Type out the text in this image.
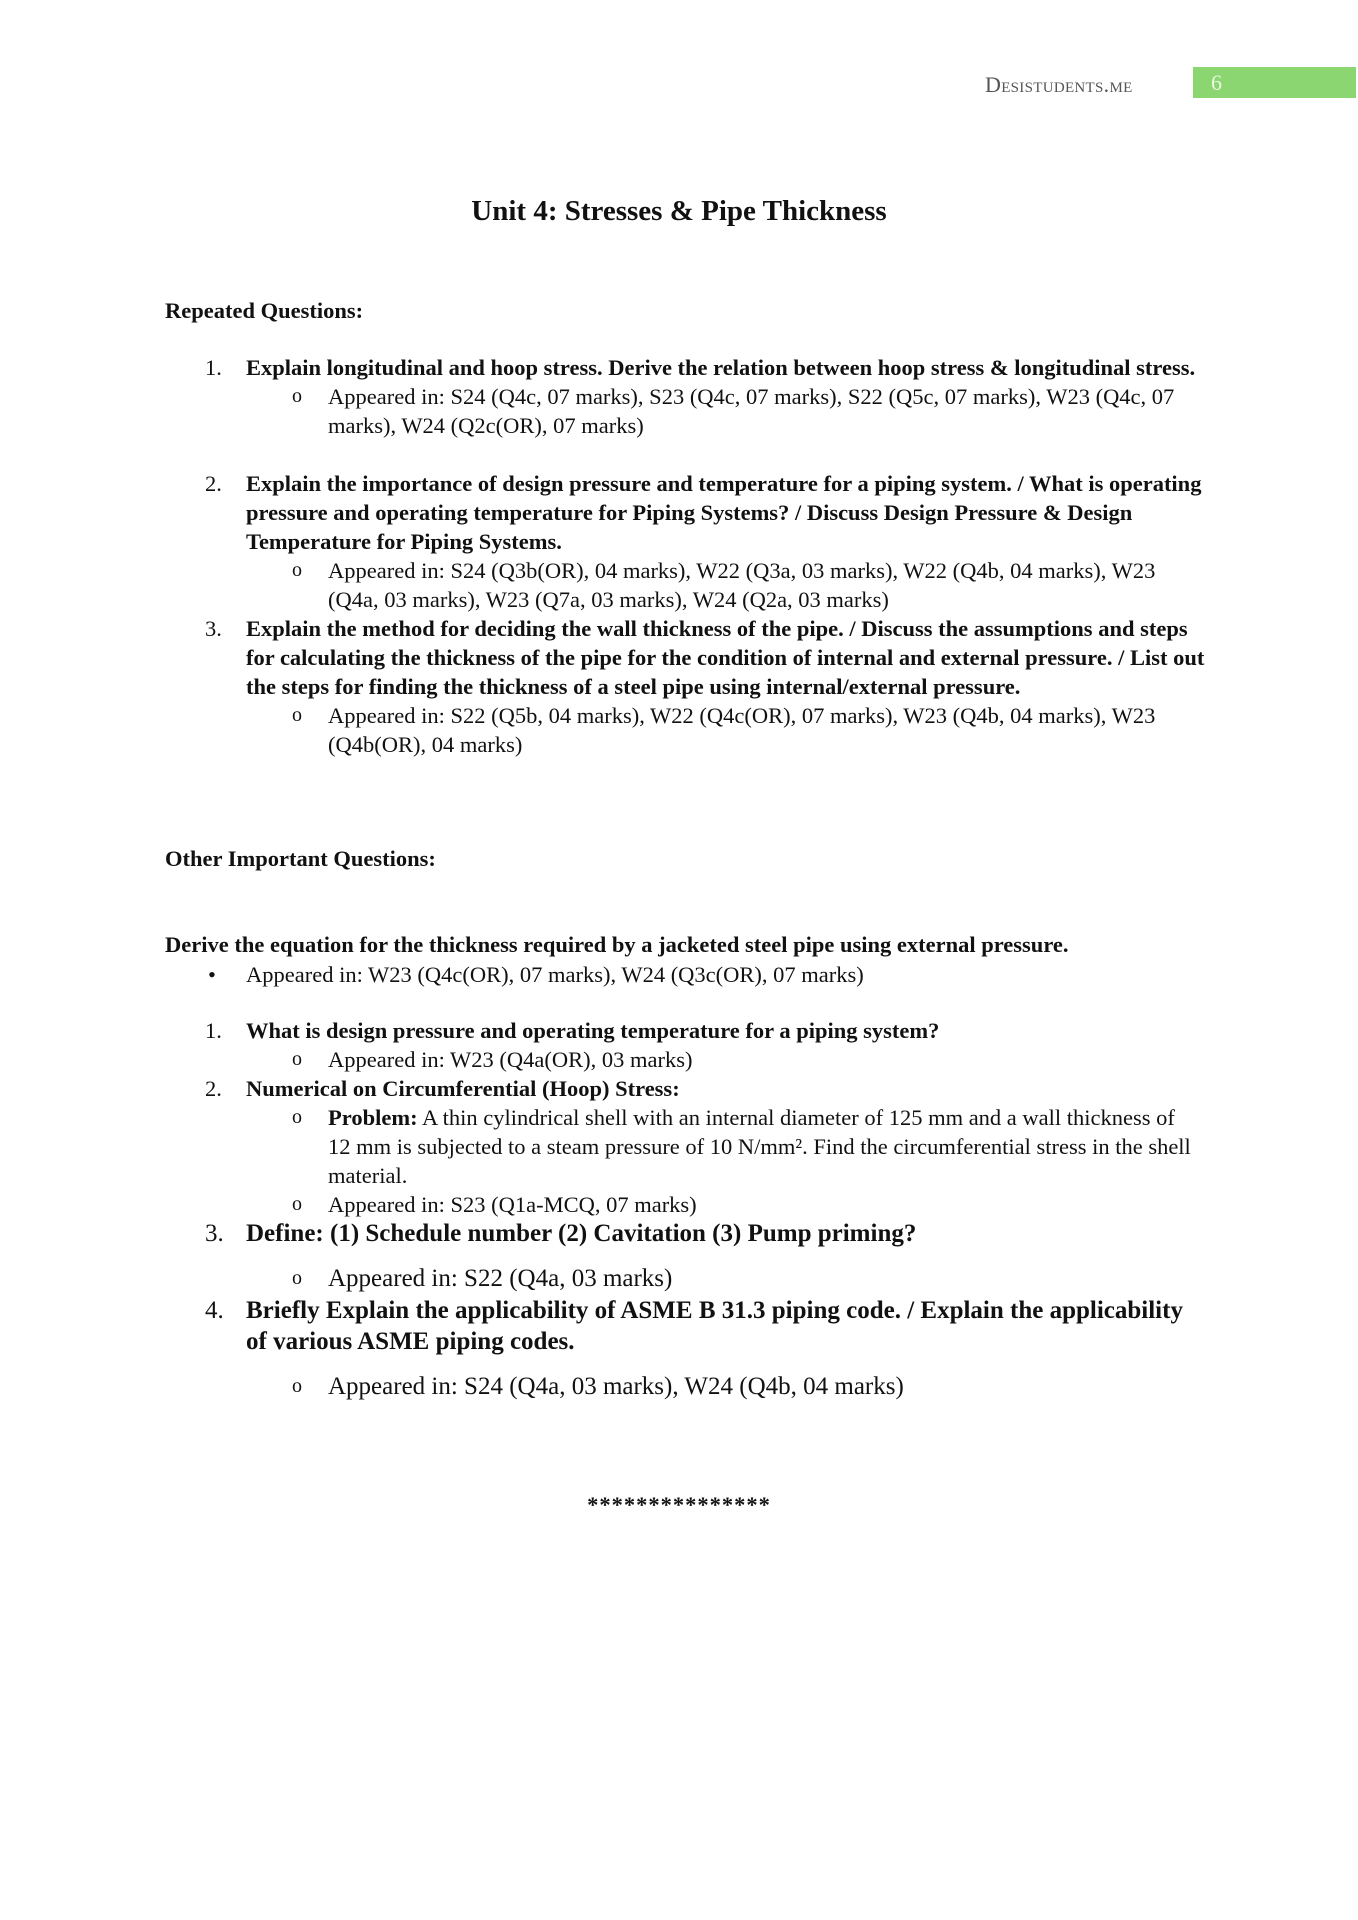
Desistudents.me	6
Unit 4: Stresses & Pipe Thickness
Repeated Questions:
1. Explain longitudinal and hoop stress. Derive the relation between hoop stress & longitudinal stress.
o Appeared in: S24 (Q4c, 07 marks), S23 (Q4c, 07 marks), S22 (Q5c, 07 marks), W23 (Q4c, 07 marks), W24 (Q2c(OR), 07 marks)
2. Explain the importance of design pressure and temperature for a piping system. / What is operating pressure and operating temperature for Piping Systems? / Discuss Design Pressure & Design Temperature for Piping Systems.
o Appeared in: S24 (Q3b(OR), 04 marks), W22 (Q3a, 03 marks), W22 (Q4b, 04 marks), W23 (Q4a, 03 marks), W23 (Q7a, 03 marks), W24 (Q2a, 03 marks)
3. Explain the method for deciding the wall thickness of the pipe. / Discuss the assumptions and steps for calculating the thickness of the pipe for the condition of internal and external pressure. / List out the steps for finding the thickness of a steel pipe using internal/external pressure.
o Appeared in: S22 (Q5b, 04 marks), W22 (Q4c(OR), 07 marks), W23 (Q4b, 04 marks), W23 (Q4b(OR), 04 marks)
Other Important Questions:
Derive the equation for the thickness required by a jacketed steel pipe using external pressure.
• Appeared in: W23 (Q4c(OR), 07 marks), W24 (Q3c(OR), 07 marks)
1. What is design pressure and operating temperature for a piping system?
o Appeared in: W23 (Q4a(OR), 03 marks)
2. Numerical on Circumferential (Hoop) Stress:
o Problem: A thin cylindrical shell with an internal diameter of 125 mm and a wall thickness of 12 mm is subjected to a steam pressure of 10 N/mm². Find the circumferential stress in the shell material.
o Appeared in: S23 (Q1a-MCQ, 07 marks)
3. Define: (1) Schedule number (2) Cavitation (3) Pump priming?
o Appeared in: S22 (Q4a, 03 marks)
4. Briefly Explain the applicability of ASME B 31.3 piping code. / Explain the applicability of various ASME piping codes.
o Appeared in: S24 (Q4a, 03 marks), W24 (Q4b, 04 marks)
***************
